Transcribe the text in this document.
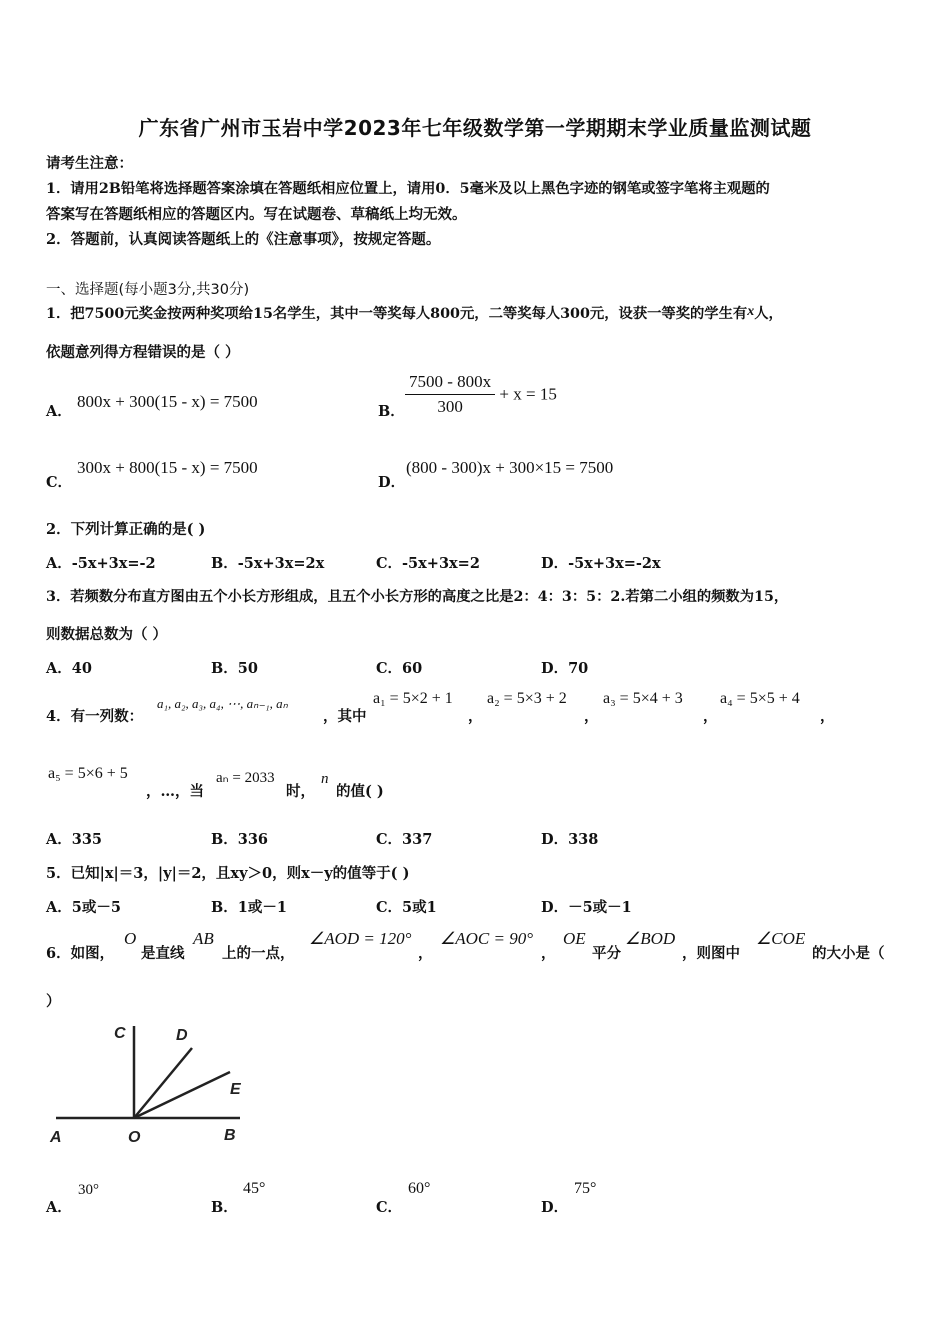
广东省广州市玉岩中学2023年七年级数学第一学期期末学业质量监测试题
请考生注意：
1．请用2B铅笔将选择题答案涂填在答题纸相应位置上，请用0．5毫米及以上黑色字迹的钢笔或签字笔将主观题的
答案写在答题纸相应的答题区内。写在试题卷、草稿纸上均无效。
2．答题前，认真阅读答题纸上的《注意事项》，按规定答题。
一、选择题(每小题3分,共30分)
1．把7500元奖金按两种奖项给15名学生，其中一等奖每人800元，二等奖每人300元，设获一等奖的学生有x人，
依题意列得方程错误的是（ ）
A．
800x + 300(15 - x) = 7500
B． $\frac{7500 - 800x}{300} + x = 15$
C．
300x + 800(15 - x) = 7500
D．
(800 - 300)x + 300×15 = 7500
2．下列计算正确的是( )
A．-5x+3x=-2	B．-5x+3x=2x	C．-5x+3x=2	D．-5x+3x=-2x
3．若频数分布直方图由五个小长方形组成，且五个小长方形的高度之比是2：4：3：5：2.若第二小组的频数为15，
则数据总数为（ ）
A．40	B．50	C．60	D．70
4．有一列数：
a₁, a₂, a₃, a₄, ⋯, aₙ₋₁, aₙ
，其中
a₁ = 5×2 + 1
，
a₂ = 5×3 + 2
，
a₃ = 5×4 + 3
，
a₄ = 5×5 + 4
，
a₅ = 5×6 + 5
，…，当
aₙ = 2033
时，
n
的值( )
A．335	B．336	C．337	D．338
5．已知|x|＝3，|y|＝2，且xy＞0，则x－y的值等于( )
A．5或－5	B．1或－1	C．5或1	D．－5或－1
6．如图，
O
是直线
AB
上的一点，
∠AOD = 120°
，
∠AOC = 90°
，
OE
平分
∠BOD
，则图中
∠COE
的大小是（
）
A	O	B
C	D
E
A．
30°
B．
45°
C．
60°
D．
75°
